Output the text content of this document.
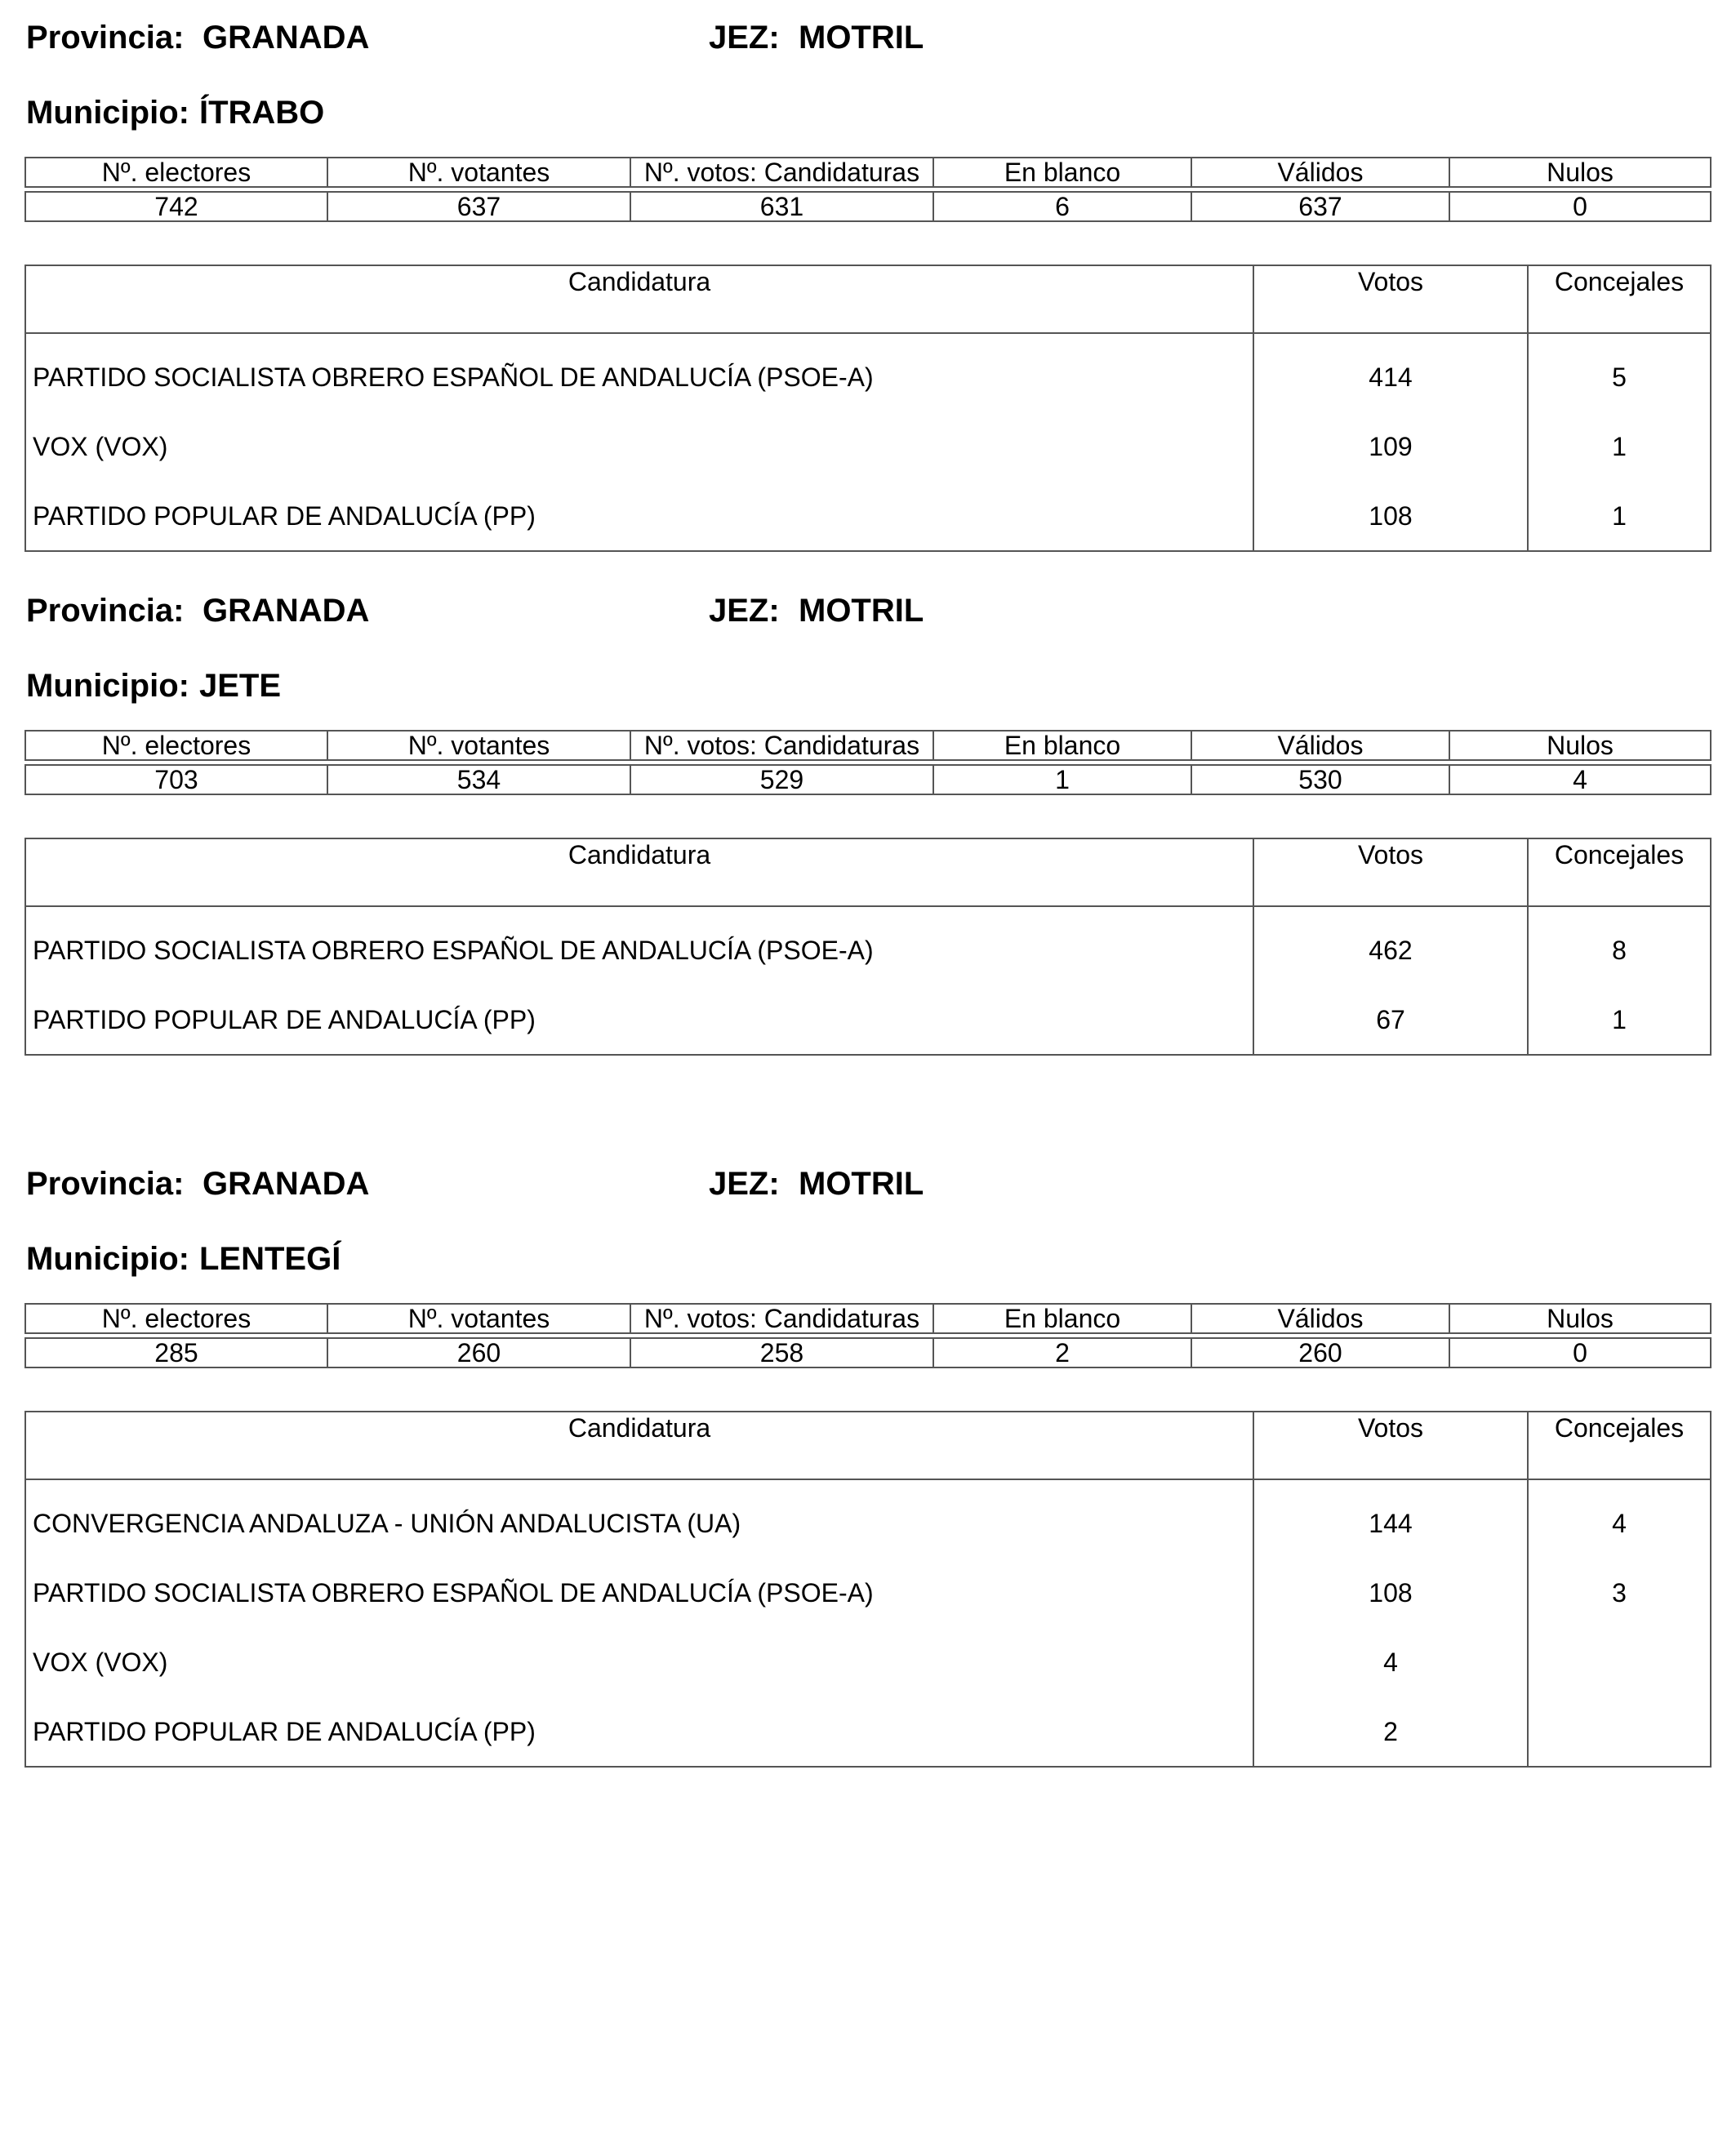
Provincia: GRANADA	JEZ: MOTRIL
Municipio: ÍTRABO
Nº. electores	Nº. votantes	Nº. votos: Candidaturas	En blanco	Válidos	Nulos

742	637	631	6	637	0
Candidatura	Votos	Concejales
PARTIDO SOCIALISTA OBRERO ESPAÑOL DE ANDALUCÍA (PSOE-A)	414	5
VOX (VOX)	109	1
PARTIDO POPULAR DE ANDALUCÍA (PP)	108	1
Provincia: GRANADA	JEZ: MOTRIL
Municipio: JETE
Nº. electores	Nº. votantes	Nº. votos: Candidaturas	En blanco	Válidos	Nulos

703	534	529	1	530	4
Candidatura	Votos	Concejales
PARTIDO SOCIALISTA OBRERO ESPAÑOL DE ANDALUCÍA (PSOE-A)	462	8
PARTIDO POPULAR DE ANDALUCÍA (PP)	67	1
Provincia: GRANADA	JEZ: MOTRIL
Municipio: LENTEGÍ
Nº. electores	Nº. votantes	Nº. votos: Candidaturas	En blanco	Válidos	Nulos

285	260	258	2	260	0
Candidatura	Votos	Concejales
CONVERGENCIA ANDALUZA - UNIÓN ANDALUCISTA (UA)	144	4
PARTIDO SOCIALISTA OBRERO ESPAÑOL DE ANDALUCÍA (PSOE-A)	108	3
VOX (VOX)	4	
PARTIDO POPULAR DE ANDALUCÍA (PP)	2	
